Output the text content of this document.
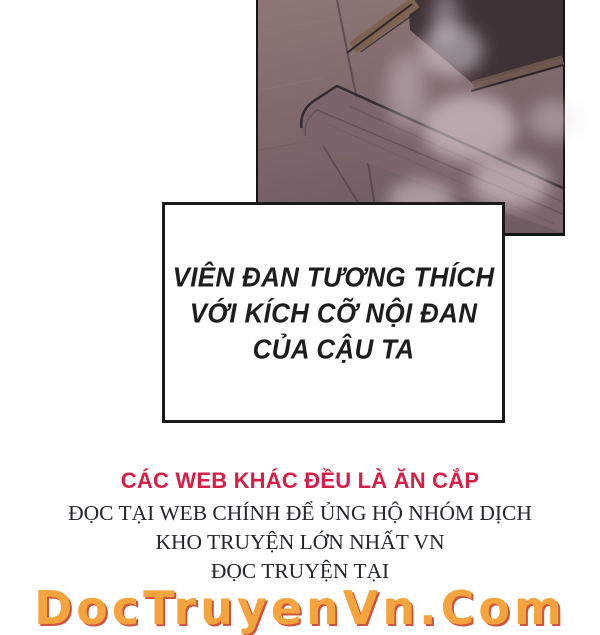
VIÊN ĐAN TƯƠNG THÍCH
VỚI KÍCH CỠ NỘI ĐAN
CỦA CẬU TA
CÁC WEB KHÁC ĐỀU LÀ ĂN CẮP
ĐỌC TẠI WEB CHÍNH ĐỂ ỦNG HỘ NHÓM DỊCH
KHO TRUYỆN LỚN NHẤT VN
ĐỌC TRUYỆN TẠI
DocTruyenVn.Com
